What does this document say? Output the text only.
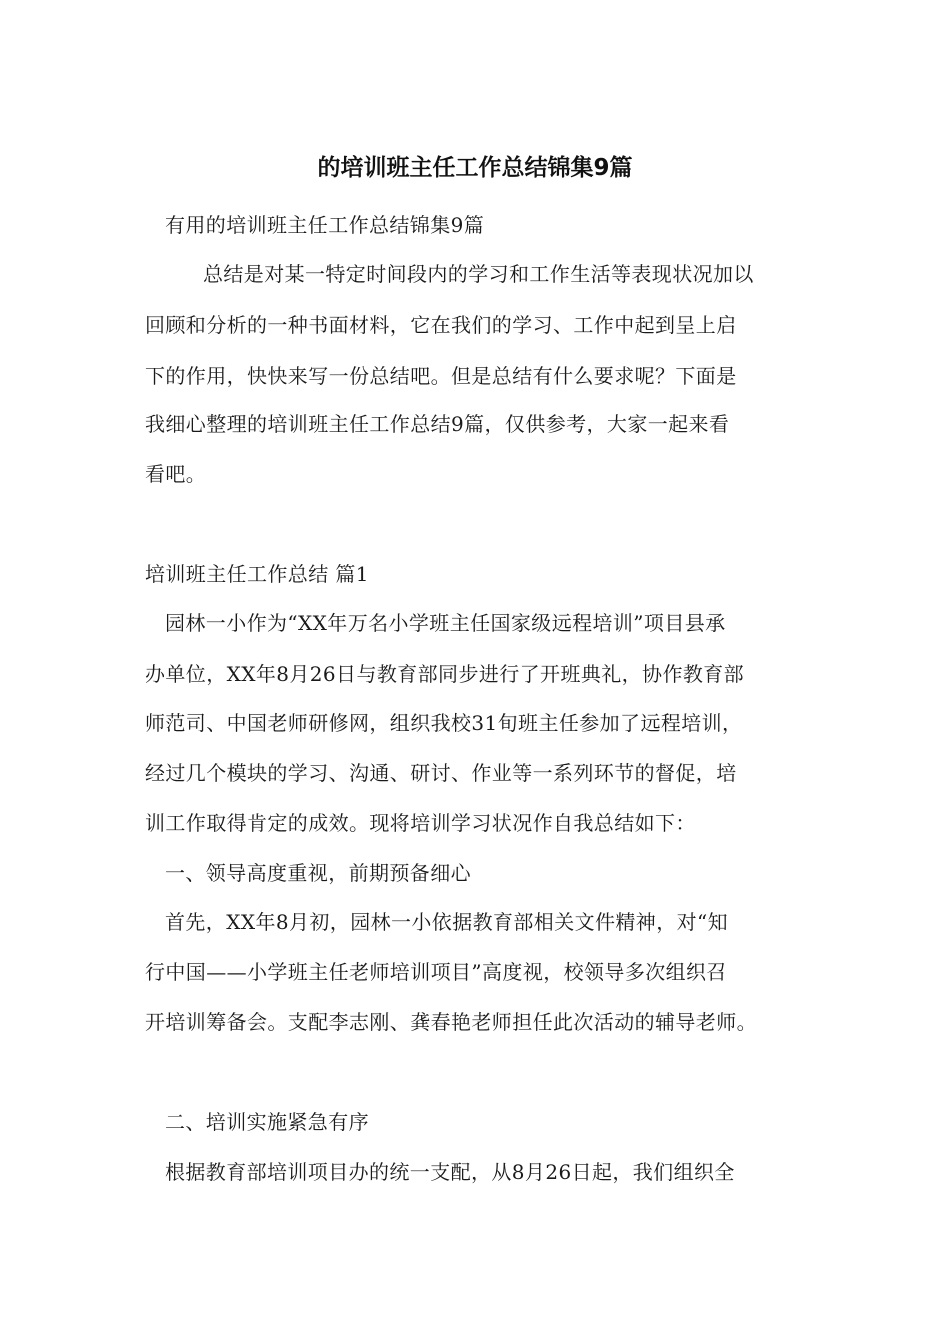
的培训班主任工作总结锦集9篇
有用的培训班主任工作总结锦集9篇
总结是对某一特定时间段内的学习和工作生活等表现状况加以
回顾和分析的一种书面材料，它在我们的学习、工作中起到呈上启
下的作用，快快来写一份总结吧。但是总结有什么要求呢？下面是
我细心整理的培训班主任工作总结9篇，仅供参考，大家一起来看
看吧。
培训班主任工作总结 篇1
园林一小作为“XX年万名小学班主任国家级远程培训”项目县承
办单位，XX年8月26日与教育部同步进行了开班典礼，协作教育部
师范司、中国老师研修网，组织我校31旬班主任参加了远程培训，
经过几个模块的学习、沟通、研讨、作业等一系列环节的督促，培
训工作取得肯定的成效。现将培训学习状况作自我总结如下：
一、领导高度重视，前期预备细心
首先，XX年8月初，园林一小依据教育部相关文件精神，对“知
行中国——小学班主任老师培训项目”高度视，校领导多次组织召
开培训筹备会。支配李志刚、龚春艳老师担任此次活动的辅导老师。
二、培训实施紧急有序
根据教育部培训项目办的统一支配，从8月26日起，我们组织全
